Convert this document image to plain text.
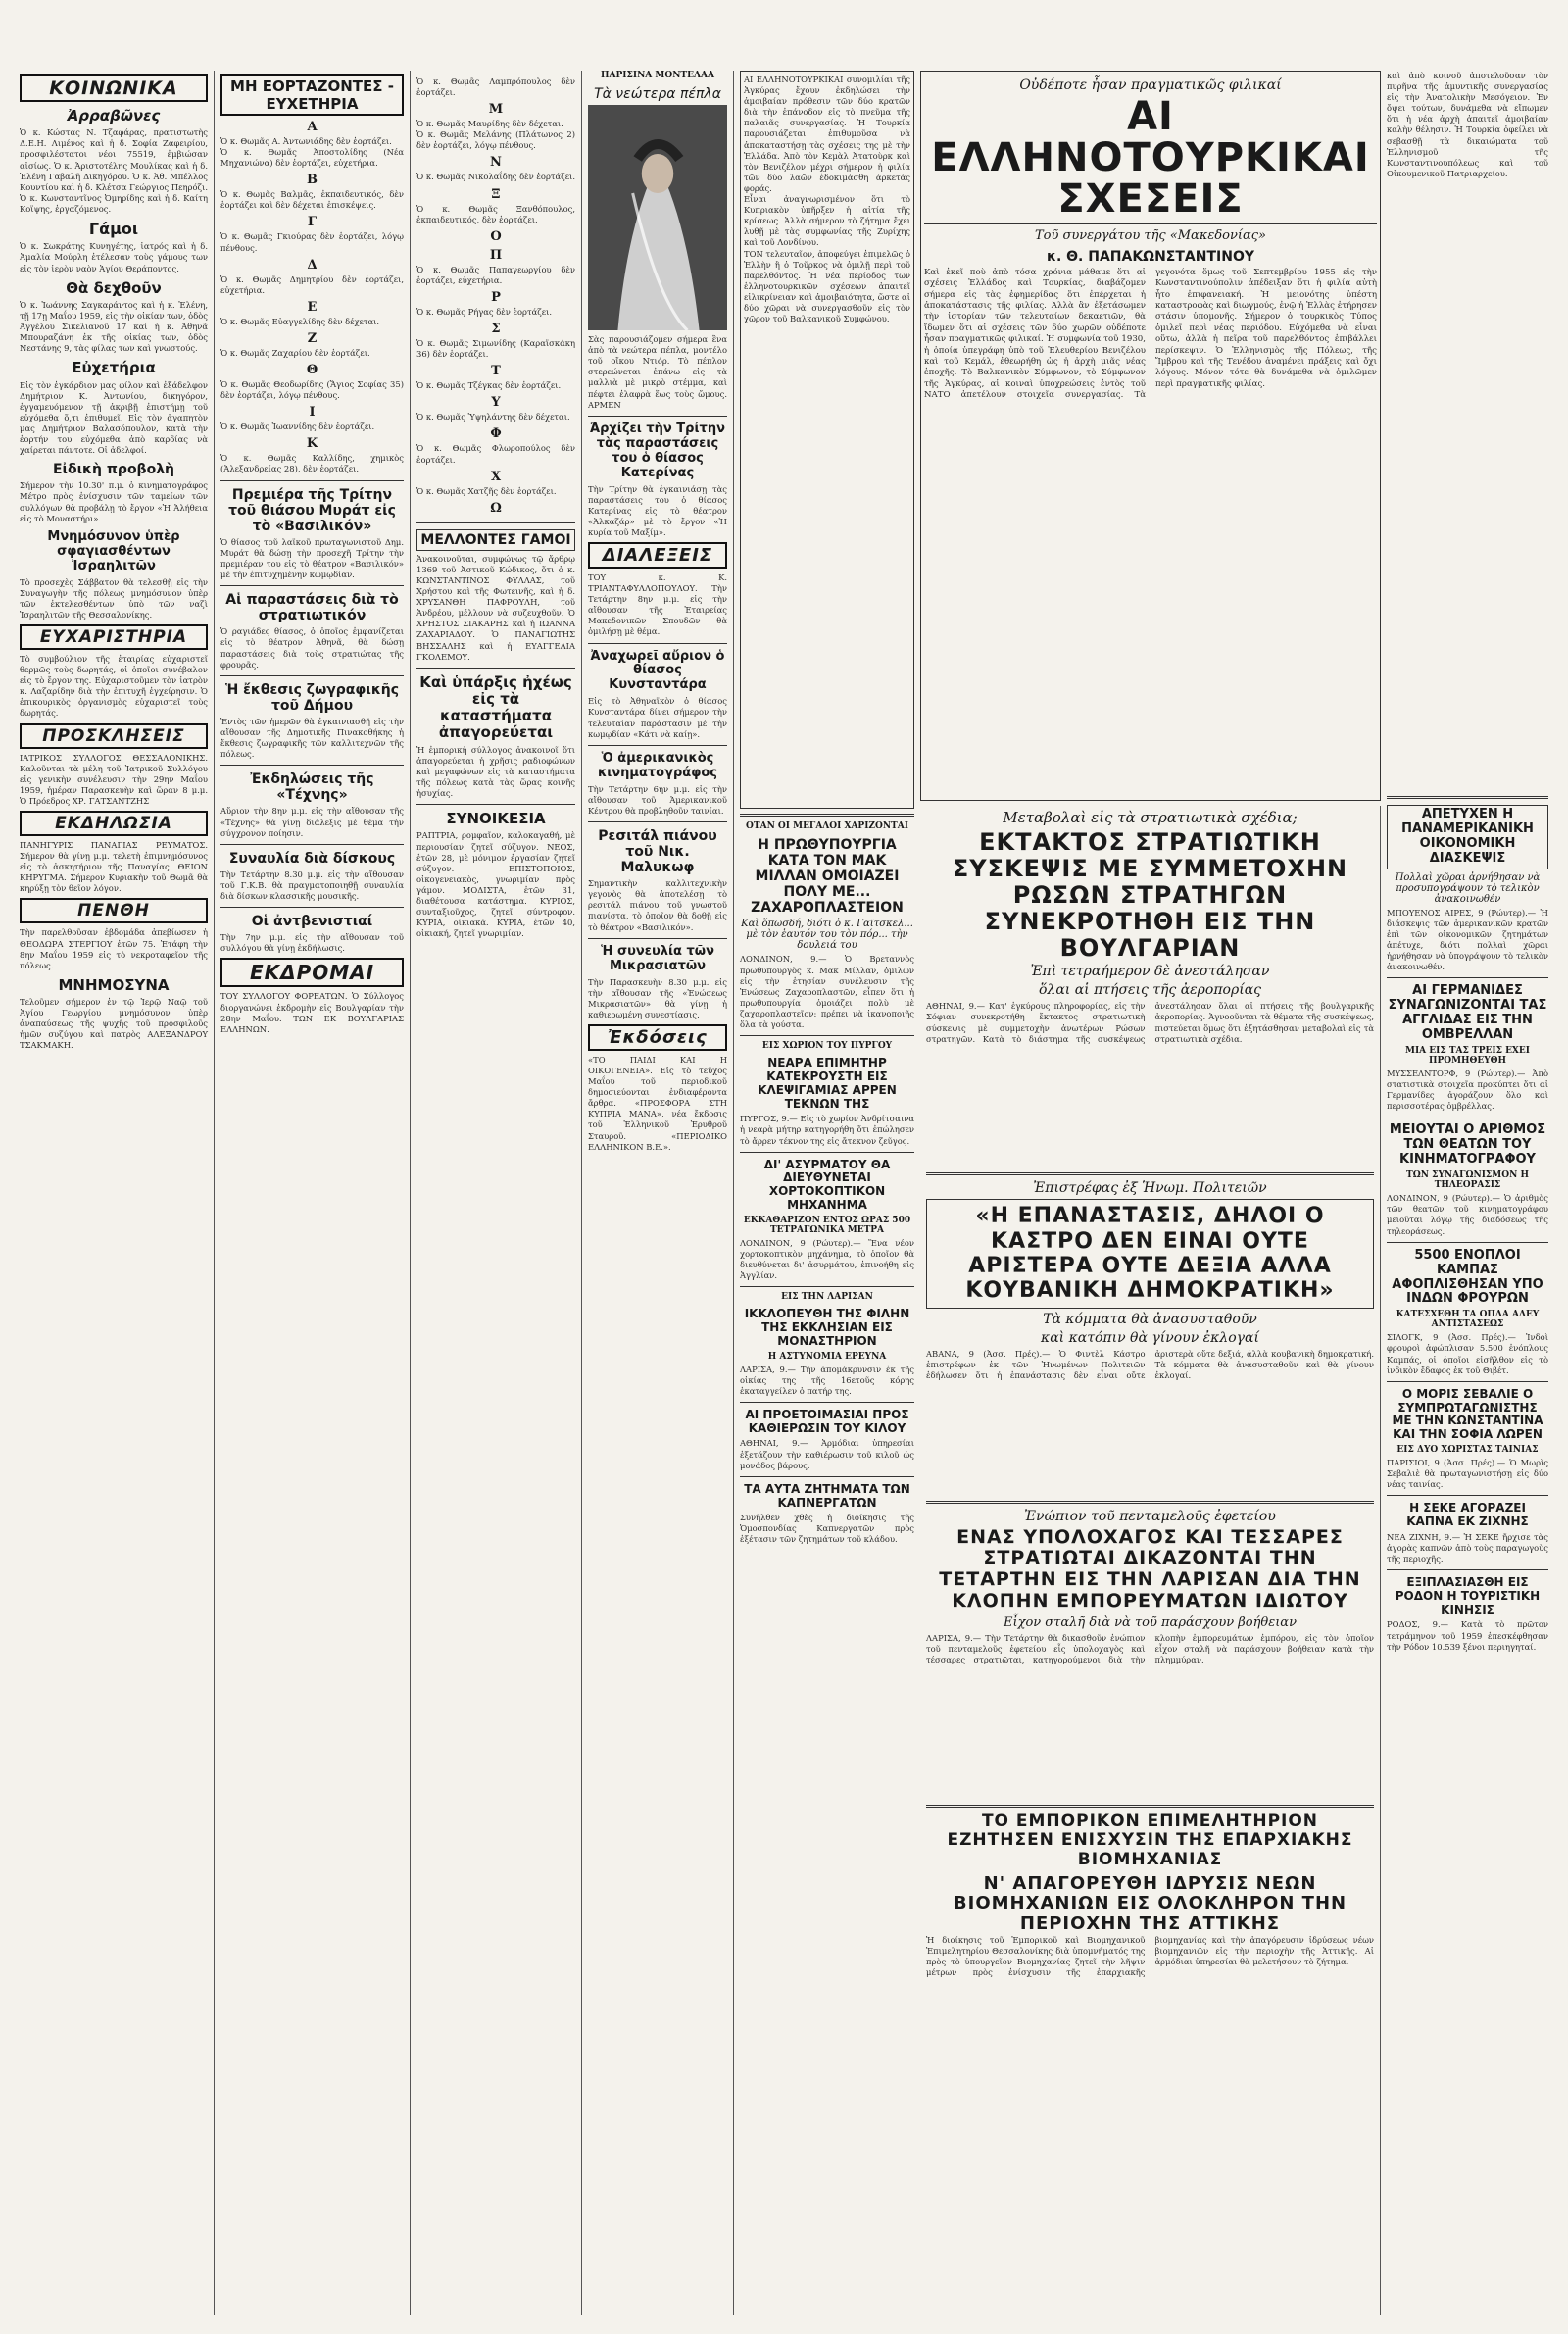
ΚΟΙΝΩΝΙΚΑ
Ἀρραβῶνες
Ὁ κ. Κώστας Ν. Τζαφάρας, πρατιστωτὴς Δ.Ε.Η. Λιμένος καὶ ἡ δ. Σοφία Ζαφειρίου, προσφιλέστατοι νέοι 75519, ἐμβιώσαν αἰσίως. Ὁ κ. Ἀριστοτέλης Μουλίκας καὶ ἡ δ. Ἑλένη Γαβαλῆ Δικηγόρου. Ὁ κ. Ἀθ. Μπέλλος Κουντίου καὶ ἡ δ. Κλέτσα Γεώργιος Πεηρόζι. Ὁ κ. Κωνσταντῖνος Ὀμηρίδης καὶ ἡ δ. Καίτη Κοϊψης, ἐργαζόμενος.
Γάμοι
Ὁ κ. Σωκράτης Κυνηγέτης, ἰατρός καὶ ἡ δ. Ἀμαλία Μούρλη ἐτέλεσαν τοὺς γάμους των εἰς τὸν ἱερὸν ναὸν Ἁγίου Θεράποντος.
Θὰ δεχθοῦν
Ὁ κ. Ἰωάννης Σαγκαράντος καὶ ἡ κ. Ἐλένη, τῇ 17ῃ Μαΐου 1959, εἰς τὴν οἰκίαν των, ὁδὸς Ἀγγέλου Σικελιανοῦ 17 καὶ ἡ κ. Ἀθηνᾶ Μπουραζάνη ἐκ τῆς οἰκίας των, ὁδὸς Νεστάνης 9, τὰς φίλας των καὶ γνωστούς.
Εὐχετήρια
Εἰς τὸν ἐγκάρδιον μας φίλον καὶ ἐξάδελφον Δημήτριον Κ. Ἀντωνίου, δικηγόρον, ἐγγαμευόμενον τῇ ἀκριβῇ ἐπιστήμῃ τοῦ εὐχόμεθα ὅ,τι ἐπιθυμεῖ. Εἰς τὸν ἀγαπητὸν μας Δημήτριον Βαλασόπουλον, κατὰ τὴν ἐορτήν του εὐχόμεθα ἀπὸ καρδίας νὰ χαίρεται πάντοτε. Οἱ ἀδελφοί.
Εἰδικὴ προβολὴ
Σήμερον τὴν 10.30' π.μ. ὁ κινηματογράφος Μέτρο πρὸς ἐνίσχυσιν τῶν ταμείων τῶν συλλόγων θὰ προβάλῃ τὸ ἔργον «Ἡ Ἀλήθεια εἰς τὸ Μοναστήρι».
Μνημόσυνον ὑπὲρ σφαγιασθέντων Ἰσραηλιτῶν
Τὸ προσεχὲς Σάββατον θὰ τελεσθῇ εἰς τὴν Συναγωγὴν τῆς πόλεως μνημόσυνον ὑπὲρ τῶν ἐκτελεσθέντων ὑπὸ τῶν ναζὶ Ἰσραηλιτῶν τῆς Θεσσαλονίκης.
ΕΥΧΑΡΙΣΤΗΡΙΑ
Τὸ συμβούλιον τῆς ἑταιρίας εὐχαριστεῖ θερμῶς τοὺς δωρητάς, οἱ ὁποῖοι συνέβαλον εἰς τὸ ἔργον της. Εὐχαριστοῦμεν τὸν ἰατρὸν κ. Λαζαρίδην διὰ τὴν ἐπιτυχῆ ἐγχείρησιν. Ὁ ἐπικουρικὸς ὀργανισμὸς εὐχαριστεῖ τοὺς δωρητάς.
ΠΡΟΣΚΛΗΣΕΙΣ
ΙΑΤΡΙΚΟΣ ΣΥΛΛΟΓΟΣ ΘΕΣΣΑΛΟΝΙΚΗΣ. Καλοῦνται τὰ μέλη τοῦ Ἰατρικοῦ Συλλόγου εἰς γενικὴν συνέλευσιν τὴν 29ην Μαΐου 1959, ἡμέραν Παρασκευὴν καὶ ὥραν 8 μ.μ. Ὁ Πρόεδρος ΧΡ. ΓΑΤΣΑΝΤΖΗΣ
ΕΚΔΗΛΩΣΙΑ
ΠΑΝΗΓΥΡΙΣ ΠΑΝΑΓΙΑΣ ΡΕΥΜΑΤΟΣ. Σήμερον θὰ γίνῃ μ.μ. τελετὴ ἐπιμνημόσυνος εἰς τὸ ἀσκητήριον τῆς Παναγίας. ΘΕΙΟΝ ΚΗΡΥΓΜΑ. Σήμερον Κυριακὴν τοῦ Θωμᾶ θὰ κηρύξῃ τὸν θεῖον λόγον.
ΠΕΝΘΗ
Τὴν παρελθοῦσαν ἐβδομάδα ἀπεβίωσεν ἡ ΘΕΟΔΩΡΑ ΣΤΕΡΓΙΟΥ ἐτῶν 75. Ἐτάφη τὴν 8ην Μαΐου 1959 εἰς τὸ νεκροταφεῖον τῆς πόλεως.
ΜΝΗΜΟΣΥΝΑ
Τελοῦμεν σήμερον ἐν τῷ Ἱερῷ Ναῷ τοῦ Ἁγίου Γεωργίου μνημόσυνον ὑπὲρ ἀναπαύσεως τῆς ψυχῆς τοῦ προσφιλοῦς ἡμῶν συζύγου καὶ πατρὸς ΑΛΕΞΑΝΔΡΟΥ ΤΣΑΚΜΑΚΗ.
ΜΗ ΕΟΡΤΑΖΟΝΤΕΣ - ΕΥΧΕΤΗΡΙΑ
Α
Ὁ κ. Θωμᾶς Α. Ἀντωνιάδης δὲν ἑορτάζει.
Ὁ κ. Θωμᾶς Ἀποστολίδης (Νέα Μηχανιώνα) δὲν ἑορτάζει, εὐχετήρια.
Β
Ὁ κ. Θωμᾶς Βαλμᾶς, ἐκπαιδευτικός, δὲν ἑορτάζει καὶ δὲν δέχεται ἐπισκέψεις.
Γ
Ὁ κ. Θωμᾶς Γκιούρας δὲν ἑορτάζει, λόγῳ πένθους.
Δ
Ὁ κ. Θωμᾶς Δημητρίου δὲν ἑορτάζει, εὐχετήρια.
Ε
Ὁ κ. Θωμᾶς Εὐαγγελίδης δὲν δέχεται.
Ζ
Ὁ κ. Θωμᾶς Ζαχαρίου δὲν ἑορτάζει.
Θ
Ὁ κ. Θωμᾶς Θεοδωρίδης (Ἅγιος Σοφίας 35) δὲν ἑορτάζει, λόγῳ πένθους.
Ι
Ὁ κ. Θωμᾶς Ἰωαννίδης δὲν ἑορτάζει.
Κ
Ὁ κ. Θωμᾶς Καλλίδης, χημικὸς (Ἀλεξανδρείας 28), δὲν ἑορτάζει.
Πρεμιέρα τῆς Τρίτην τοῦ θιάσου Μυράτ εἰς τὸ «Βασιλικόν»
Ὁ θίασος τοῦ λαϊκοῦ πρωταγωνιστοῦ Δημ. Μυράτ θὰ δώσῃ τὴν προσεχῆ Τρίτην τὴν πρεμιέραν του εἰς τὸ θέατρον «Βασιλικόν» μὲ τὴν ἐπιτυχημένην κωμῳδίαν.
Αἱ παραστάσεις διὰ τὸ στρατιωτικόν
Ὁ ραγιάδες θίασος, ὁ ὁποῖος ἐμφανίζεται εἰς τὸ θέατρον Ἀθηνᾶ, θὰ δώσῃ παραστάσεις διὰ τοὺς στρατιώτας τῆς φρουρᾶς.
Ἡ ἔκθεσις ζωγραφικῆς τοῦ Δήμου
Ἐντὸς τῶν ἡμερῶν θὰ ἐγκαινιασθῇ εἰς τὴν αἴθουσαν τῆς Δημοτικῆς Πινακοθήκης ἡ ἔκθεσις ζωγραφικῆς τῶν καλλιτεχνῶν τῆς πόλεως.
Ἐκδηλώσεις τῆς «Τέχνης»
Αὔριον τὴν 8ην μ.μ. εἰς τὴν αἴθουσαν τῆς «Τέχνης» θὰ γίνῃ διάλεξις μὲ θέμα τὴν σύγχρονον ποίησιν.
Συναυλία διὰ δίσκους
Τὴν Τετάρτην 8.30 μ.μ. εἰς τὴν αἴθουσαν τοῦ Γ.Κ.Β. θὰ πραγματοποιηθῇ συναυλία διὰ δίσκων κλασσικῆς μουσικῆς.
Οἱ ἀντβενιστιαί
Τὴν 7ην μ.μ. εἰς τὴν αἴθουσαν τοῦ συλλόγου θὰ γίνῃ ἐκδήλωσις.
ΕΚΔΡΟΜΑΙ
ΤΟΥ ΣΥΛΛΟΓΟΥ ΦΟΡΕΑΤΩΝ. Ὁ Σύλλογος διοργανώνει ἐκδρομὴν εἰς Βουλγαρίαν τὴν 28ην Μαΐου. ΤΩΝ ΕΚ ΒΟΥΛΓΑΡΙΑΣ ΕΛΛΗΝΩΝ.
Ὁ κ. Θωμᾶς Λαμπρόπουλος δὲν ἑορτάζει.
Μ
Ὁ κ. Θωμᾶς Μαυρίδης δὲν δέχεται.
Ὁ κ. Θωμᾶς Μελάνης (Πλάτωνος 2) δὲν ἑορτάζει, λόγῳ πένθους.
Ν
Ὁ κ. Θωμᾶς Νικολαΐδης δὲν ἑορτάζει.
Ξ
Ὁ κ. Θωμᾶς Ξανθόπουλος, ἐκπαιδευτικός, δὲν ἑορτάζει.
Ο
Π
Ὁ κ. Θωμᾶς Παπαγεωργίου δὲν ἑορτάζει, εὐχετήρια.
Ρ
Ὁ κ. Θωμᾶς Ρήγας δὲν ἑορτάζει.
Σ
Ὁ κ. Θωμᾶς Σιμωνίδης (Καραϊσκάκη 36) δὲν ἑορτάζει.
Τ
Ὁ κ. Θωμᾶς Τζέγκας δὲν ἑορτάζει.
Υ
Ὁ κ. Θωμᾶς Ὑψηλάντης δὲν δέχεται.
Φ
Ὁ κ. Θωμᾶς Φλωροπούλος δὲν ἑορτάζει.
Χ
Ὁ κ. Θωμᾶς Χατζῆς δὲν ἑορτάζει.
Ω
ΜΕΛΛΟΝΤΕΣ ΓΑΜΟΙ
Ἀνακοινοῦται, συμφώνως τῷ ἄρθρῳ 1369 τοῦ Ἀστικοῦ Κώδικος, ὅτι ὁ κ. ΚΩΝΣΤΑΝΤΙΝΟΣ ΦΥΛΛΑΣ, τοῦ Χρήστου καὶ τῆς Φωτεινῆς, καὶ ἡ δ. ΧΡΥΣΑΝΘΗ ΠΑΦΡΟΥΛΗ, τοῦ Ἀνδρέου, μέλλουν νὰ συζευχθοῦν. Ὁ ΧΡΗΣΤΟΣ ΣΙΑΚΑΡΗΣ καὶ ἡ ΙΩΑΝΝΑ ΖΑΧΑΡΙΑΔΟΥ. Ὁ ΠΑΝΑΓΙΩΤΗΣ ΒΗΣΣΑΛΗΣ καὶ ἡ ΕΥΑΓΓΕΛΙΑ ΓΚΟΛΕΜΟΥ.
Καὶ ὑπάρξις ἠχέως εἰς τὰ καταστήματα ἀπαγορεύεται
Ἡ ἐμπορικὴ σύλλογος ἀνακοινοῖ ὅτι ἀπαγορεύεται ἡ χρῆσις ραδιοφώνων καὶ μεγαφώνων εἰς τὰ καταστήματα τῆς πόλεως κατὰ τὰς ὥρας κοινῆς ἡσυχίας.
ΣΥΝΟΙΚΕΣΙΑ
ΡΑΠΤΡΙΑ, ρομφαῖον, καλοκαγαθή, μὲ περιουσίαν ζητεῖ σύζυγον. ΝΕΟΣ, ἐτῶν 28, μὲ μόνιμον ἐργασίαν ζητεῖ σύζυγον. ΕΠΙΣΤΟΠΟΙΟΣ, οἰκογενειακὸς, γνωριμίαν πρὸς γάμον. ΜΟΔΙΣΤΑ, ἐτῶν 31, διαθέτουσα κατάστημα. ΚΥΡΙΟΣ, συνταξιοῦχος, ζητεῖ σύντροφον. ΚΥΡΙΑ, οἰκιακά. ΚΥΡΙΑ, ἐτῶν 40, οἰκιακή, ζητεῖ γνωριμίαν.
ΠΑΡΙΣΙΝΑ ΜΟΝΤΕΛΑΑ
Τὰ νεώτερα πέπλα
Σὰς παρουσιάζομεν σήμερα ἓνα ἀπὸ τὰ νεώτερα πέπλα, μοντέλο τοῦ οἴκου Ντιόρ. Τὸ πέπλον στερεώνεται ἐπάνω εἰς τὰ μαλλιὰ μὲ μικρὸ στέμμα, καὶ πέφτει ἐλαφρὰ ἕως τοὺς ὤμους. ΑΡΜΕΝ
Ἀρχίζει τὴν Τρίτην τὰς παραστάσεις του ὁ θίασος Κατερίνας
Τὴν Τρίτην θὰ ἐγκαινιάσῃ τὰς παραστάσεις του ὁ θίασος Κατερίνας εἰς τὸ θέατρον «Ἀλκαζάρ» μὲ τὸ ἔργον «Ἡ κυρία τοῦ Μαξίμ».
ΔΙΑΛΕΞΕΙΣ
ΤΟΥ κ. Κ. ΤΡΙΑΝΤΑΦΥΛΛΟΠΟΥΛΟΥ. Τὴν Τετάρτην 8ην μ.μ. εἰς τὴν αἴθουσαν τῆς Ἑταιρείας Μακεδονικῶν Σπουδῶν θὰ ὁμιλήσῃ μὲ θέμα.
Ἀναχωρεῖ αὔριον ὁ θίασος Κυνσταντάρα
Εἰς τὸ Ἀθηναϊκὸν ὁ θίασος Κυνσταντάρα δίνει σήμερον τὴν τελευταίαν παράστασιν μὲ τὴν κωμῳδίαν «Κάτι νὰ καίῃ».
Ὁ ἀμερικανικὸς κινηματογράφος
Τὴν Τετάρτην 6ην μ.μ. εἰς τὴν αἴθουσαν τοῦ Ἀμερικανικοῦ Κέντρου θὰ προβληθοῦν ταινίαι.
Ρεσιτάλ πιάνου τοῦ Νικ. Μαλυκωφ
Σημαντικὴν καλλιτεχνικὴν γεγονὸς θὰ ἀποτελέσῃ τὸ ρεσιτάλ πιάνου τοῦ γνωστοῦ πιανίστα, τὸ ὁποῖον θὰ δοθῇ εἰς τὸ θέατρον «Βασιλικόν».
Ἡ συνευλία τῶν Μικρασιατῶν
Τὴν Παρασκευὴν 8.30 μ.μ. εἰς τὴν αἴθουσαν τῆς «Ἑνώσεως Μικρασιατῶν» θὰ γίνῃ ἡ καθιερωμένη συνεστίασις.
Ἐκδόσεις
«ΤΟ ΠΑΙΔΙ ΚΑΙ Η ΟΙΚΟΓΕΝΕΙΑ». Εἰς τὸ τεῦχος Μαΐου τοῦ περιοδικοῦ δημοσιεύονται ἐνδιαφέροντα ἄρθρα. «ΠΡΟΣΦΟΡΑ ΣΤΗ ΚΥΠΡΙΑ ΜΑΝΑ», νέα ἔκδοσις τοῦ Ἐλληνικοῦ Ἐρυθροῦ Σταυροῦ. «ΠΕΡΙΟΔΙΚΟ ΕΛΛΗΝΙΚΟΝ Β.Ε.».
ΑΙ ΕΛΛΗΝΟΤΟΥΡΚΙΚΑΙ συνομιλίαι τῆς Ἀγκύρας ἔχουν ἐκδηλώσει τὴν ἀμοιβαίαν πρόθεσιν τῶν δύο κρατῶν διὰ τὴν ἐπάνοδον εἰς τὸ πνεῦμα τῆς παλαιᾶς συνεργασίας. Ἡ Τουρκία παρουσιάζεται ἐπιθυμοῦσα νὰ ἀποκαταστήσῃ τὰς σχέσεις της μὲ τὴν Ἑλλάδα. Ἀπὸ τὸν Κεμὰλ Ἀτατοὺρκ καὶ τὸν Βενιζέλον μέχρι σήμερον ἡ φιλία τῶν δύο λαῶν ἐδοκιμάσθη ἀρκετάς φοράς.
Εἶναι ἀναγνωρισμένον ὅτι τὸ Κυπριακὸν ὑπῆρξεν ἡ αἰτία τῆς κρίσεως. Ἀλλὰ σήμερον τὸ ζήτημα ἔχει λυθῇ μὲ τὰς συμφωνίας τῆς Ζυρίχης καὶ τοῦ Λονδίνου.
ΤΟΝ τελευταῖον, ἀποφεύγει ἐπιμελῶς ὁ Ἑλλὴν ἢ ὁ Τοῦρκος νὰ ὁμιλῇ περὶ τοῦ παρελθόντος. Ἡ νέα περίοδος τῶν ἑλληνοτουρκικῶν σχέσεων ἀπαιτεῖ εἰλικρίνειαν καὶ ἀμοιβαιότητα, ὥστε αἱ δύο χῶραι νὰ συνεργασθοῦν εἰς τὸν χῶρον τοῦ Βαλκανικοῦ Συμφώνου.
ΟΤΑΝ ΟΙ ΜΕΓΑΛΟΙ ΧΑΡΙΖΟΝΤΑΙ
Η ΠΡΩΘΥΠΟΥΡΓΙΑ ΚΑΤΑ ΤΟΝ ΜΑΚ ΜΙΛΛΑΝ ΟΜΟΙΑΖΕΙ ΠΟΛΥ ΜΕ... ΖΑΧΑΡΟΠΛΑΣΤΕΙΟΝ
Καὶ ὅπωσδή, διότι ὁ κ. Γαϊτσκελ... μὲ τὸν ἑαυτόν του τὸν πόρ... τὴν δουλειά του
ΛΟΝΔΙΝΟΝ, 9.— Ὁ Βρεταννὸς πρωθυπουργὸς κ. Μακ Μίλλαν, ὁμιλῶν εἰς τὴν ἐτησίαν συνέλευσιν τῆς Ἑνώσεως Ζαχαροπλαστῶν, εἶπεν ὅτι ἡ πρωθυπουργία ὁμοιάζει πολὺ μὲ ζαχαροπλαστεῖον: πρέπει νὰ ἱκανοποιῇς ὅλα τὰ γούστα.
ΕΙΣ ΧΩΡΙΟΝ ΤΟΥ ΠΥΡΓΟΥ
ΝΕΑΡΑ ΕΠΙΜΗΤΗΡ ΚΑΤΕΚΡΟΥΣΤΗ ΕΙΣ ΚΛΕΨΙΓΑΜΙΑΣ ΑΡΡΕΝ ΤΕΚΝΩΝ ΤΗΣ
ΠΥΡΓΟΣ, 9.— Εἰς τὸ χωρίον Ἀνδρίτσαινα ἡ νεαρὰ μήτηρ κατηγορήθη ὅτι ἐπώλησεν τὸ ἄρρεν τέκνον της εἰς ἄτεκνον ζεῦγος.
ΔΙ' ΑΣΥΡΜΑΤΟΥ ΘΑ ΔΙΕΥΘΥΝΕΤΑΙ ΧΟΡΤΟΚΟΠΤΙΚΟΝ ΜΗΧΑΝΗΜΑ
ΕΚΚΑΘΑΡΙΖΟΝ ΕΝΤΟΣ ΩΡΑΣ 500 ΤΕΤΡΑΓΩΝΙΚΑ ΜΕΤΡΑ
ΛΟΝΔΙΝΟΝ, 9 (Ρώυτερ).— Ἕνα νέον χορτοκοπτικὸν μηχάνημα, τὸ ὁποῖον θὰ διευθύνεται δι' ἀσυρμάτου, ἐπινοήθη εἰς Ἀγγλίαν.
ΕΙΣ ΤΗΝ ΛΑΡΙΣΑΝ
ΙΚΚΛΟΠΕΥΘΗ ΤΗΣ ΦΙΛΗΝ ΤΗΣ ΕΚΚΛΗΣΙΑΝ ΕΙΣ ΜΟΝΑΣΤΗΡΙΟΝ
Η ΑΣΤΥΝΟΜΙΑ ΕΡΕΥΝΑ
ΛΑΡΙΣΑ, 9.— Τὴν ἀπομάκρυνσιν ἐκ τῆς οἰκίας της τῆς 16ετοῦς κόρης ἐκαταγγείλεν ὁ πατήρ της.
ΑΙ ΠΡΟΕΤΟΙΜΑΣΙΑΙ ΠΡΟΣ ΚΑΘΙΕΡΩΣΙΝ ΤΟΥ ΚΙΛΟΥ
ΑΘΗΝΑΙ, 9.— Ἀρμόδιαι ὑπηρεσίαι ἐξετάζουν τὴν καθιέρωσιν τοῦ κιλοῦ ὡς μονάδος βάρους.
ΤΑ ΑΥΤΑ ΖΗΤΗΜΑΤΑ ΤΩΝ ΚΑΠΝΕΡΓΑΤΩΝ
Συνῆλθεν χθὲς ἡ διοίκησις τῆς Ὁμοσπονδίας Καπνεργατῶν πρὸς ἐξέτασιν τῶν ζητημάτων τοῦ κλάδου.
Οὐδέποτε ἦσαν πραγματικῶς φιλικαί
ΑΙ ΕΛΛΗΝΟΤΟΥΡΚΙΚΑΙ ΣΧΕΣΕΙΣ
Τοῦ συνεργάτου τῆς «Μακεδονίας»
κ. Θ. ΠΑΠΑΚΩΝΣΤΑΝΤΙΝΟΥ
Καὶ ἐκεῖ ποὺ ἀπὸ τόσα χρόνια μάθαμε ὅτι αἱ σχέσεις Ἑλλάδος καὶ Τουρκίας, διαβάζομεν σήμερα εἰς τὰς ἐφημερίδας ὅτι ἐπέρχεται ἡ ἀποκατάστασις τῆς φιλίας. Ἀλλὰ ἂν ἐξετάσωμεν τὴν ἱστορίαν τῶν τελευταίων δεκαετιῶν, θὰ ἴδωμεν ὅτι αἱ σχέσεις τῶν δύο χωρῶν οὐδέποτε ἦσαν πραγματικῶς φιλικαί. Ἡ συμφωνία τοῦ 1930, ἡ ὁποία ὑπεγράφη ὑπὸ τοῦ Ἐλευθερίου Βενιζέλου καὶ τοῦ Κεμάλ, ἐθεωρήθη ὡς ἡ ἀρχὴ μιᾶς νέας ἐποχῆς. Τὸ Βαλκανικὸν Σύμφωνον, τὸ Σύμφωνον τῆς Ἀγκύρας, αἱ κοιναὶ ὑποχρεώσεις ἐντὸς τοῦ ΝΑΤΟ ἀπετέλουν στοιχεῖα συνεργασίας. Τὰ γεγονότα ὅμως τοῦ Σεπτεμβρίου 1955 εἰς τὴν Κωνσταντινούπολιν ἀπέδειξαν ὅτι ἡ φιλία αὐτὴ ἦτο ἐπιφανειακή. Ἡ μειονότης ὑπέστη καταστροφὰς καὶ διωγμούς, ἐνῷ ἡ Ἑλλὰς ἐτήρησεν στάσιν ὑπομονῆς. Σήμερον ὁ τουρκικὸς Τύπος ὁμιλεῖ περὶ νέας περιόδου. Εὐχόμεθα νὰ εἶναι οὕτω, ἀλλὰ ἡ πεῖρα τοῦ παρελθόντος ἐπιβάλλει περίσκεψιν. Ὁ Ἑλληνισμὸς τῆς Πόλεως, τῆς Ἴμβρου καὶ τῆς Τενέδου ἀναμένει πράξεις καὶ ὄχι λόγους. Μόνον τότε θὰ δυνάμεθα νὰ ὁμιλῶμεν περὶ πραγματικῆς φιλίας.
καὶ ἀπὸ κοινοῦ ἀποτελοῦσαν τὸν πυρῆνα τῆς ἀμυντικῆς συνεργασίας εἰς τὴν Ἀνατολικὴν Μεσόγειον. Ἐν ὄψει τούτων, δυνάμεθα νὰ εἴπωμεν ὅτι ἡ νέα ἀρχὴ ἀπαιτεῖ ἀμοιβαίαν καλὴν θέλησιν. Ἡ Τουρκία ὀφείλει νὰ σεβασθῇ τὰ δικαιώματα τοῦ Ἑλληνισμοῦ τῆς Κωνσταντινουπόλεως καὶ τοῦ Οἰκουμενικοῦ Πατριαρχείου.
ΑΠΕΤΥΧΕΝ Η ΠΑΝΑΜΕΡΙΚΑΝΙΚΗ ΟΙΚΟΝΟΜΙΚΗ ΔΙΑΣΚΕΨΙΣ
Πολλαὶ χῶραι ἀρνήθησαν νὰ προσυπογράψουν τὸ τελικὸν ἀνακοινωθέν
ΜΠΟΥΕΝΟΣ ΑΙΡΕΣ, 9 (Ρώυτερ).— Ἡ διάσκεψις τῶν ἀμερικανικῶν κρατῶν ἐπὶ τῶν οἰκονομικῶν ζητημάτων ἀπέτυχε, διότι πολλαὶ χῶραι ἠρνήθησαν νὰ ὑπογράψουν τὸ τελικὸν ἀνακοινωθέν.
ΑΙ ΓΕΡΜΑΝΙΔΕΣ ΣΥΝΑΓΩΝΙΖΟΝΤΑΙ ΤΑΣ ΑΓΓΛΙΔΑΣ ΕΙΣ ΤΗΝ ΟΜΒΡΕΛΛΑΝ
ΜΙΑ ΕΙΣ ΤΑΣ ΤΡΕΙΣ ΕΧΕΙ ΠΡΟΜΗΘΕΥΘΗ
ΜΥΣΣΕΛΝΤΟΡΦ, 9 (Ρώυτερ).— Ἀπὸ στατιστικὰ στοιχεῖα προκύπτει ὅτι αἱ Γερμανίδες ἀγοράζουν ὅλο καὶ περισσοτέρας ὀμβρέλλας.
ΜΕΙΟΥΤΑΙ Ο ΑΡΙΘΜΟΣ ΤΩΝ ΘΕΑΤΩΝ ΤΟΥ ΚΙΝΗΜΑΤΟΓΡΑΦΟΥ
ΤΩΝ ΣΥΝΑΓΩΝΙΣΜΟΝ Η ΤΗΛΕΟΡΑΣΙΣ
ΛΟΝΔΙΝΟΝ, 9 (Ρώυτερ).— Ὁ ἀριθμὸς τῶν θεατῶν τοῦ κινηματογράφου μειοῦται λόγῳ τῆς διαδόσεως τῆς τηλεοράσεως.
5500 ΕΝΟΠΛΟΙ ΚΑΜΠΑΣ ΑΦΟΠΛΙΣΘΗΣΑΝ ΥΠΟ ΙΝΔΩΝ ΦΡΟΥΡΩΝ
ΚΑΤΕΣΧΕΘΗ ΤΑ ΟΠΛΑ ΑΛΕΥ ΑΝΤΙΣΤΑΣΕΩΣ
ΣΙΛΟΓΚ, 9 (Ἀσσ. Πρές).— Ἰνδοὶ φρουροὶ ἀφώπλισαν 5.500 ἐνόπλους Καμπάς, οἱ ὁποῖοι εἰσῆλθον εἰς τὸ ἰνδικὸν ἔδαφος ἐκ τοῦ Θιβέτ.
Ο ΜΟΡΙΣ ΣΕΒΑΛΙΕ Ο ΣΥΜΠΡΩΤΑΓΩΝΙΣΤΗΣ ΜΕ ΤΗΝ ΚΩΝΣΤΑΝΤΙΝΑ ΚΑΙ ΤΗΝ ΣΟΦΙΑ ΛΩΡΕΝ
ΕΙΣ ΔΥΟ ΧΩΡΙΣΤΑΣ ΤΑΙΝΙΑΣ
ΠΑΡΙΣΙΟΙ, 9 (Ἀσσ. Πρές).— Ὁ Μωρὶς Σεβαλιὲ θὰ πρωταγωνιστήσῃ εἰς δύο νέας ταινίας.
Η ΣΕΚΕ ΑΓΟΡΑΖΕΙ ΚΑΠΝΑ ΕΚ ΖΙΧΝΗΣ
ΝΕΑ ΖΙΧΝΗ, 9.— Ἡ ΣΕΚΕ ἤρχισε τὰς ἀγορὰς καπνῶν ἀπὸ τοὺς παραγωγοὺς τῆς περιοχῆς.
ΕΞΙΠΛΑΣΙΑΣΘΗ ΕΙΣ ΡΟΔΟΝ Η ΤΟΥΡΙΣΤΙΚΗ ΚΙΝΗΣΙΣ
ΡΟΔΟΣ, 9.— Κατὰ τὸ πρῶτον τετράμηνον τοῦ 1959 ἐπεσκέφθησαν τὴν Ρόδον 10.539 ξένοι περιηγηταί.
Μεταβολαὶ εἰς τὰ στρατιωτικὰ σχέδια;
ΕΚΤΑΚΤΟΣ ΣΤΡΑΤΙΩΤΙΚΗ ΣΥΣΚΕΨΙΣ ΜΕ ΣΥΜΜΕΤΟΧΗΝ ΡΩΣΩΝ ΣΤΡΑΤΗΓΩΝ ΣΥΝΕΚΡΟΤΗΘΗ ΕΙΣ ΤΗΝ ΒΟΥΛΓΑΡΙΑΝ
Ἐπὶ τετραήμερον δὲ ἀνεστάλησαν
ὅλαι αἱ πτήσεις τῆς ἀεροπορίας
ΑΘΗΝΑΙ, 9.— Κατ' ἐγκύρους πληροφορίας, εἰς τὴν Σόφιαν συνεκροτήθη ἔκτακτος στρατιωτικὴ σύσκεψις μὲ συμμετοχὴν ἀνωτέρων Ρώσων στρατηγῶν. Κατὰ τὸ διάστημα τῆς συσκέψεως ἀνεστάλησαν ὅλαι αἱ πτήσεις τῆς βουλγαρικῆς ἀεροπορίας. Ἀγνοοῦνται τὰ θέματα τῆς συσκέψεως, πιστεύεται ὅμως ὅτι ἐξητάσθησαν μεταβολαὶ εἰς τὰ στρατιωτικὰ σχέδια.
Ἐπιστρέφας ἐξ Ἡνωμ. Πολιτειῶν
«Η ΕΠΑΝΑΣΤΑΣΙΣ, ΔΗΛΟΙ Ο ΚΑΣΤΡΟ ΔΕΝ ΕΙΝΑΙ ΟΥΤΕ ΑΡΙΣΤΕΡΑ ΟΥΤΕ ΔΕΞΙΑ ΑΛΛΑ ΚΟΥΒΑΝΙΚΗ ΔΗΜΟΚΡΑΤΙΚΗ»
Τὰ κόμματα θὰ ἀνασυσταθοῦν
καὶ κατόπιν θὰ γίνουν ἐκλογαί
ΑΒΑΝΑ, 9 (Ἀσσ. Πρές).— Ὁ Φιντὲλ Κάστρο ἐπιστρέφων ἐκ τῶν Ἡνωμένων Πολιτειῶν ἐδήλωσεν ὅτι ἡ ἐπανάστασις δὲν εἶναι οὔτε ἀριστερὰ οὔτε δεξιά, ἀλλὰ κουβανικὴ δημοκρατική. Τὰ κόμματα θὰ ἀνασυσταθοῦν καὶ θὰ γίνουν ἐκλογαί.
Ἐνώπιον τοῦ πενταμελοῦς ἐφετείου
ΕΝΑΣ ΥΠΟΛΟΧΑΓΟΣ ΚΑΙ ΤΕΣΣΑΡΕΣ ΣΤΡΑΤΙΩΤΑΙ ΔΙΚΑΖΟΝΤΑΙ ΤΗΝ ΤΕΤΑΡΤΗΝ ΕΙΣ ΤΗΝ ΛΑΡΙΣΑΝ ΔΙΑ ΤΗΝ ΚΛΟΠΗΝ ΕΜΠΟΡΕΥΜΑΤΩΝ ΙΔΙΩΤΟΥ
Εἶχον σταλῆ διὰ νὰ τοῦ παράσχουν βοήθειαν
ΛΑΡΙΣΑ, 9.— Τὴν Τετάρτην θὰ δικασθοῦν ἐνώπιον τοῦ πενταμελοῦς ἐφετείου εἷς ὑπολοχαγὸς καὶ τέσσαρες στρατιῶται, κατηγορούμενοι διὰ τὴν κλοπὴν ἐμπορευμάτων ἐμπόρου, εἰς τὸν ὁποῖον εἶχον σταλῆ νὰ παράσχουν βοήθειαν κατὰ τὴν πλημμύραν.
ΤΟ ΕΜΠΟΡΙΚΟΝ ΕΠΙΜΕΛΗΤΗΡΙΟΝ ΕΖΗΤΗΣΕΝ ΕΝΙΣΧΥΣΙΝ ΤΗΣ ΕΠΑΡΧΙΑΚΗΣ ΒΙΟΜΗΧΑΝΙΑΣ
Ν' ΑΠΑΓΟΡΕΥΘΗ ΙΔΡΥΣΙΣ ΝΕΩΝ ΒΙΟΜΗΧΑΝΙΩΝ ΕΙΣ ΟΛΟΚΛΗΡΟΝ ΤΗΝ ΠΕΡΙΟΧΗΝ ΤΗΣ ΑΤΤΙΚΗΣ
Ἡ διοίκησις τοῦ Ἐμπορικοῦ καὶ Βιομηχανικοῦ Ἐπιμελητηρίου Θεσσαλονίκης διὰ ὑπομνήματός της πρὸς τὸ ὑπουργεῖον Βιομηχανίας ζητεῖ τὴν λῆψιν μέτρων πρὸς ἐνίσχυσιν τῆς ἐπαρχιακῆς βιομηχανίας καὶ τὴν ἀπαγόρευσιν ἱδρύσεως νέων βιομηχανιῶν εἰς τὴν περιοχὴν τῆς Ἀττικῆς. Αἱ ἀρμόδιαι ὑπηρεσίαι θὰ μελετήσουν τὸ ζήτημα.
